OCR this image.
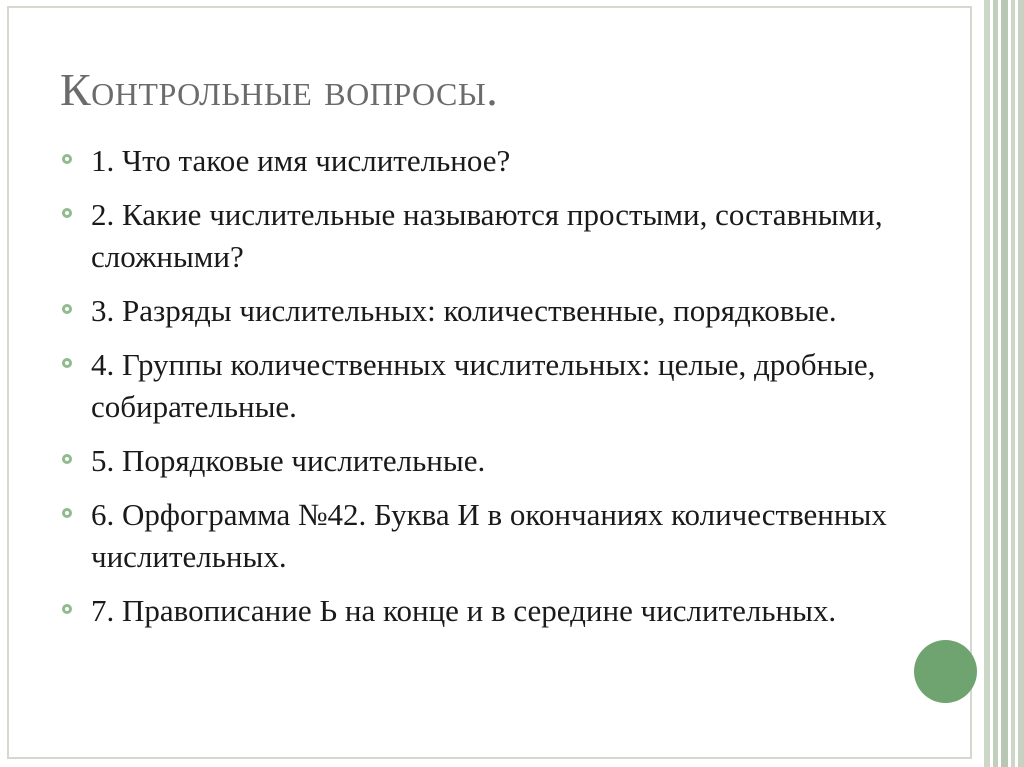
Контрольные вопросы.
1. Что такое имя числительное?
2. Какие числительные называются простыми, составными, сложными?
3. Разряды числительных: количественные, порядковые.
4. Группы количественных числительных: целые, дробные, собирательные.
5. Порядковые числительные.
6. Орфограмма №42. Буква И в окончаниях количественных числительных.
7. Правописание Ь на конце и в середине числительных.
